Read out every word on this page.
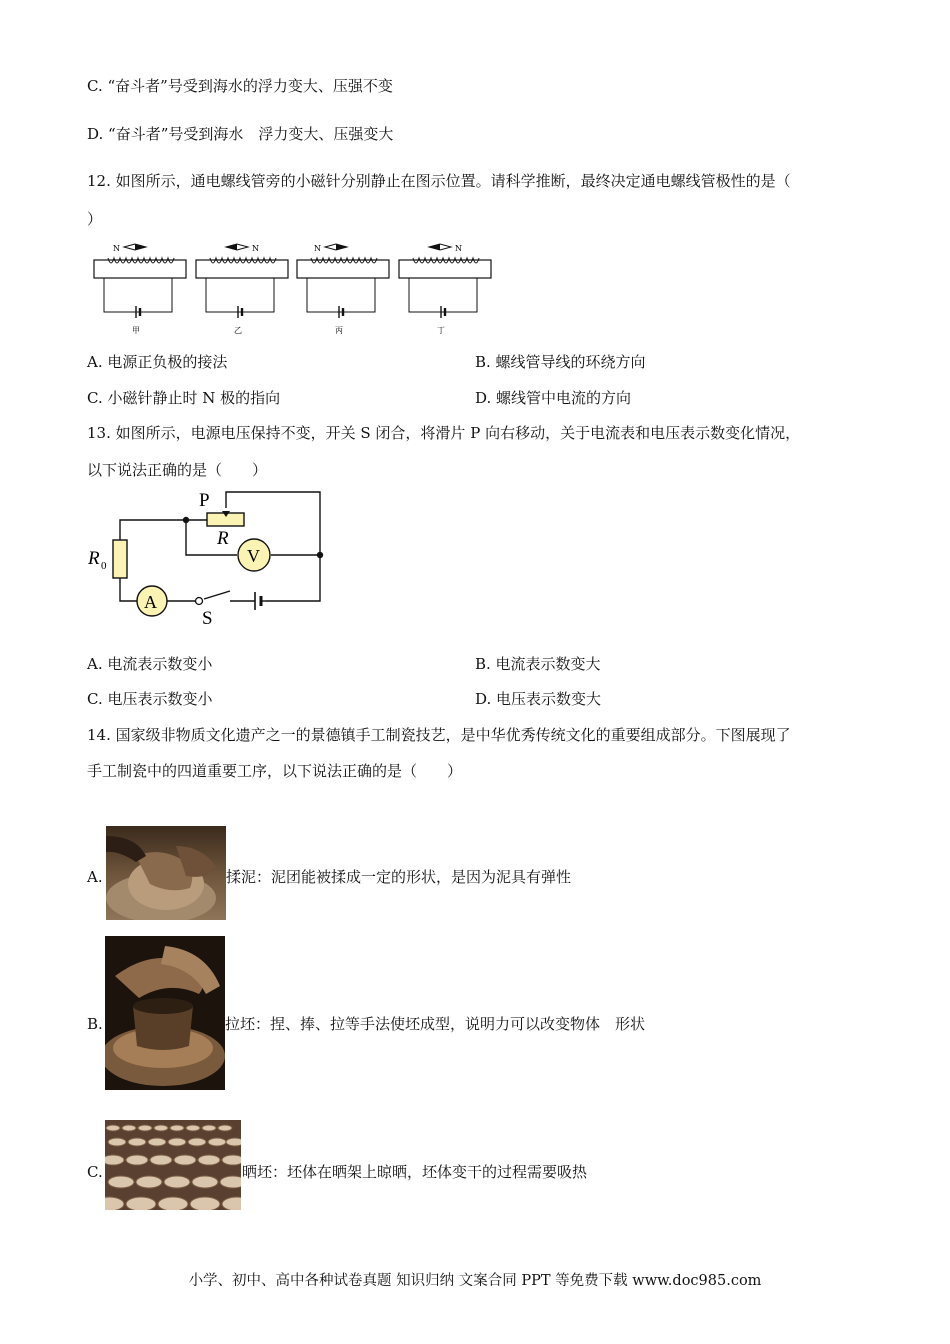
C. “奋斗者”号受到海水的浮力变大、压强不变
D. “奋斗者”号受到海水　浮力变大、压强变大
12. 如图所示，通电螺线管旁的小磁针分别静止在图示位置。请科学推断，最终决定通电螺线管极性的是（
）
N
甲
N
乙
N
丙
N
丁
A. 电源正负极的接法	B. 螺线管导线的环绕方向
C. 小磁针静止时 N 极的指向	D. 螺线管中电流的方向
13. 如图所示，电源电压保持不变，开关 S 闭合，将滑片 P 向右移动，关于电流表和电压表示数变化情况，
以下说法正确的是（　　）
P
R
V
A
R 0
S
A. 电流表示数变小	B. 电流表示数变大
C. 电压表示数变小	D. 电压表示数变大
14. 国家级非物质文化遗产之一的景德镇手工制瓷技艺，是中华优秀传统文化的重要组成部分。下图展现了
手工制瓷中的四道重要工序，以下说法正确的是（　　）
A.	揉泥：泥团能被揉成一定的形状，是因为泥具有弹性
B.	拉坯：捏、捧、拉等手法使坯成型，说明力可以改变物体　形状
C.	晒坯：坯体在晒架上晾晒，坯体变干的过程需要吸热
小学、初中、高中各种试卷真题 知识归纳 文案合同 PPT 等免费下载 www.doc985.com
